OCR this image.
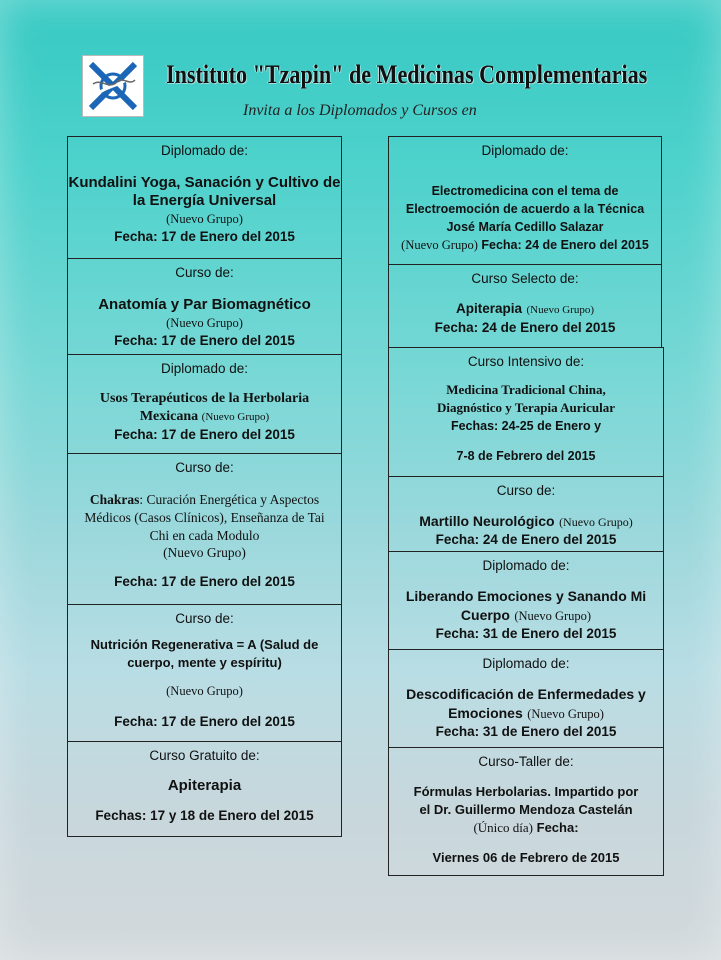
Instituto "Tzapin" de Medicinas Complementarias
Invita a los Diplomados y Cursos en
Diplomado de:
Kundalini Yoga, Sanación y Cultivo de la Energía Universal
(Nuevo Grupo)
Fecha: 17 de Enero del 2015
Curso de:
Anatomía y Par Biomagnético
(Nuevo Grupo)
Fecha: 17 de Enero del 2015
Diplomado de:
Usos Terapéuticos de la Herbolaria Mexicana (Nuevo Grupo)
Fecha: 17 de Enero del 2015
Curso de:
Chakras: Curación Energética y Aspectos Médicos (Casos Clínicos), Enseñanza de Tai Chi en cada Modulo
(Nuevo Grupo)
Fecha: 17 de Enero del 2015
Curso de:
Nutrición Regenerativa = A (Salud de cuerpo, mente y espíritu)
(Nuevo Grupo)
Fecha: 17 de Enero del 2015
Curso Gratuito de:
Apiterapia
Fechas: 17 y 18 de Enero del 2015
Diplomado de:
Electromedicina con el tema de Electroemoción de acuerdo a la Técnica José María Cedillo Salazar
(Nuevo Grupo) Fecha: 24 de Enero del 2015
Curso Selecto de:
Apiterapia (Nuevo Grupo)
Fecha: 24 de Enero del 2015
Curso Intensivo de:
Medicina Tradicional China, Diagnóstico y Terapia Auricular
Fechas: 24-25 de Enero y
7-8 de Febrero del 2015
Curso de:
Martillo Neurológico (Nuevo Grupo)
Fecha: 24 de Enero del 2015
Diplomado de:
Liberando Emociones y Sanando Mi Cuerpo (Nuevo Grupo)
Fecha: 31 de Enero del 2015
Diplomado de:
Descodificación de Enfermedades y Emociones (Nuevo Grupo)
Fecha: 31 de Enero del 2015
Curso-Taller de:
Fórmulas Herbolarias. Impartido por el Dr. Guillermo Mendoza Castelán
(Único día) Fecha:
Viernes 06 de Febrero de 2015
